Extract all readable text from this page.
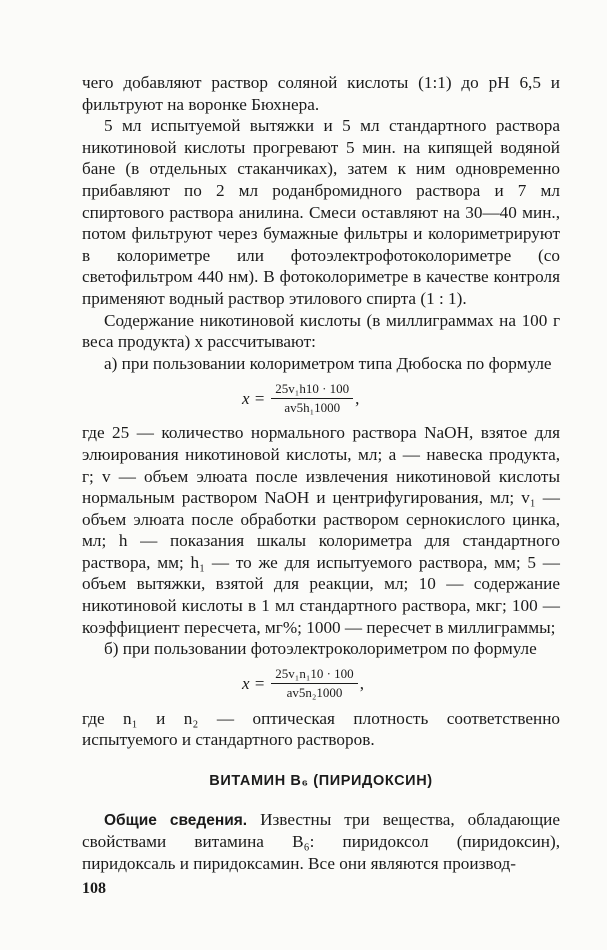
чего добавляют раствор соляной кислоты (1:1) до pH 6,5 и фильтруют на воронке Бюхнера.

5 мл испытуемой вытяжки и 5 мл стандартного раствора никотиновой кислоты прогревают 5 мин. на кипящей водяной бане (в отдельных стаканчиках), затем к ним одновременно прибавляют по 2 мл роданбромидного раствора и 7 мл спиртового раствора анилина. Смеси оставляют на 30—40 мин., потом фильтруют через бумажные фильтры и колориметрируют в колориметре или фотоэлектрофотоколориметре (со светофильтром 440 нм). В фотоколориметре в качестве контроля применяют водный раствор этилового спирта (1 : 1).

Содержание никотиновой кислоты (в миллиграммах на 100 г веса продукта) x рассчитывают:

а) при пользовании колориметром типа Дюбоска по формуле

$x = \frac{\text{25v₁h10 · 100}}{\text{av5h₁1000}}$ ,

где 25 — количество нормального раствора NaOH, взятое для элюирования никотиновой кислоты, мл; a — навеска продукта, г; v — объем элюата после извлечения никотиновой кислоты нормальным раствором NaOH и центрифугирования, мл; v₁ — объем элюата после обработки раствором сернокислого цинка, мл; h — показания шкалы колориметра для стандартного раствора, мм; h₁ — то же для испытуемого раствора, мм; 5 — объем вытяжки, взятой для реакции, мл; 10 — содержание никотиновой кислоты в 1 мл стандартного раствора, мкг; 100 — коэффициент пересчета, мг%; 1000 — пересчет в миллиграммы;

б) при пользовании фотоэлектроколориметром по формуле

$x = \frac{\text{25v₁n₁10 · 100}}{\text{av5n₂1000}}$ ,

где n₁ и n₂ — оптическая плотность соответственно испытуемого и стандартного растворов.

ВИТАМИН B₆ (ПИРИДОКСИН)

Общие сведения. Известны три вещества, обладающие свойствами витамина B₆: пиридоксол (пиридоксин), пиридоксаль и пиридоксамин. Все они являются производ-

108
